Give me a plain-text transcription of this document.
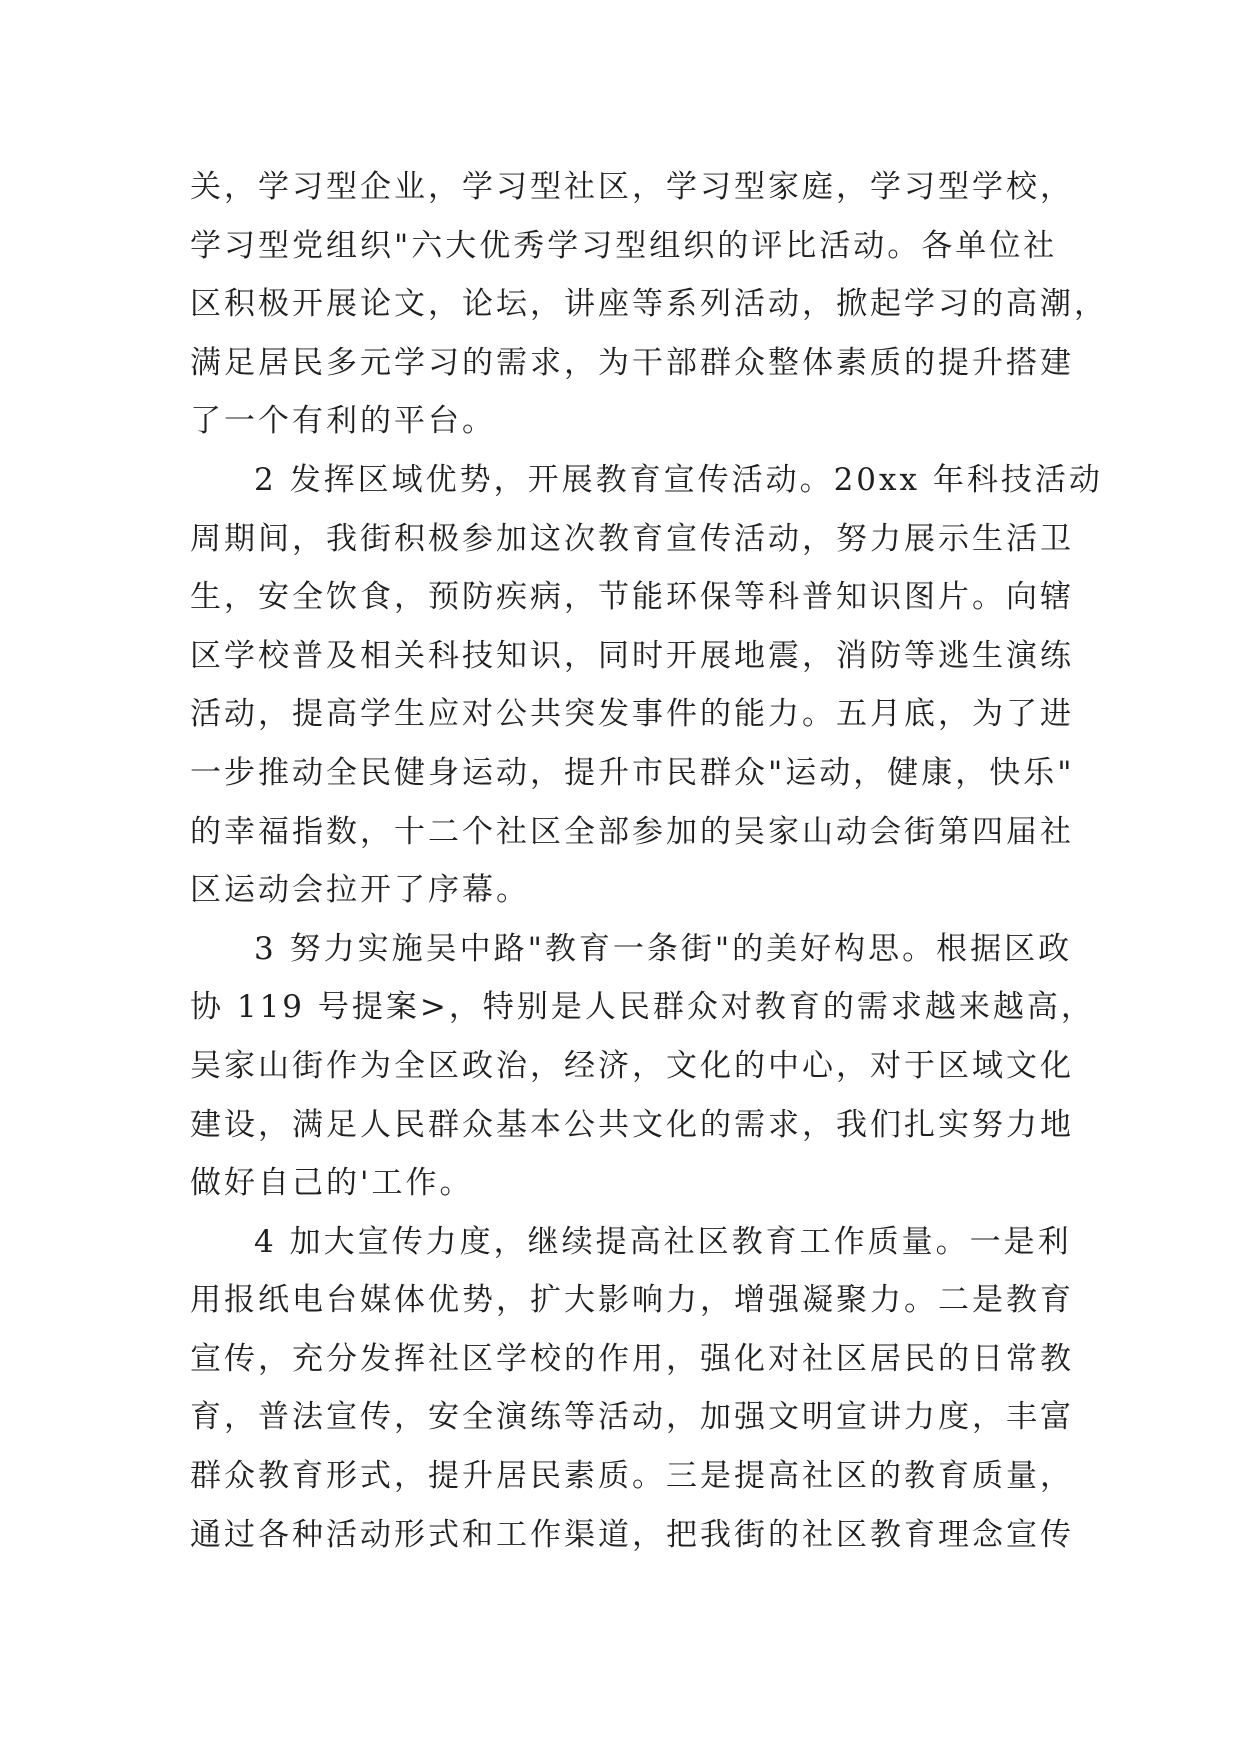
关，学习型企业，学习型社区，学习型家庭，学习型学校，
学习型党组织"六大优秀学习型组织的评比活动。各单位社
区积极开展论文，论坛，讲座等系列活动，掀起学习的高潮，
满足居民多元学习的需求，为干部群众整体素质的提升搭建
了一个有利的平台。
2 发挥区域优势，开展教育宣传活动。20xx 年科技活动
周期间，我街积极参加这次教育宣传活动，努力展示生活卫
生，安全饮食，预防疾病，节能环保等科普知识图片。向辖
区学校普及相关科技知识，同时开展地震，消防等逃生演练
活动，提高学生应对公共突发事件的能力。五月底，为了进
一步推动全民健身运动，提升市民群众"运动，健康，快乐"
的幸福指数，十二个社区全部参加的吴家山动会街第四届社
区运动会拉开了序幕。
3 努力实施吴中路"教育一条街"的美好构思。根据区政
协 119 号提案>，特别是人民群众对教育的需求越来越高，
吴家山街作为全区政治，经济，文化的中心，对于区域文化
建设，满足人民群众基本公共文化的需求，我们扎实努力地
做好自己的'工作。
4 加大宣传力度，继续提高社区教育工作质量。一是利
用报纸电台媒体优势，扩大影响力，增强凝聚力。二是教育
宣传，充分发挥社区学校的作用，强化对社区居民的日常教
育，普法宣传，安全演练等活动，加强文明宣讲力度，丰富
群众教育形式，提升居民素质。三是提高社区的教育质量，
通过各种活动形式和工作渠道，把我街的社区教育理念宣传
